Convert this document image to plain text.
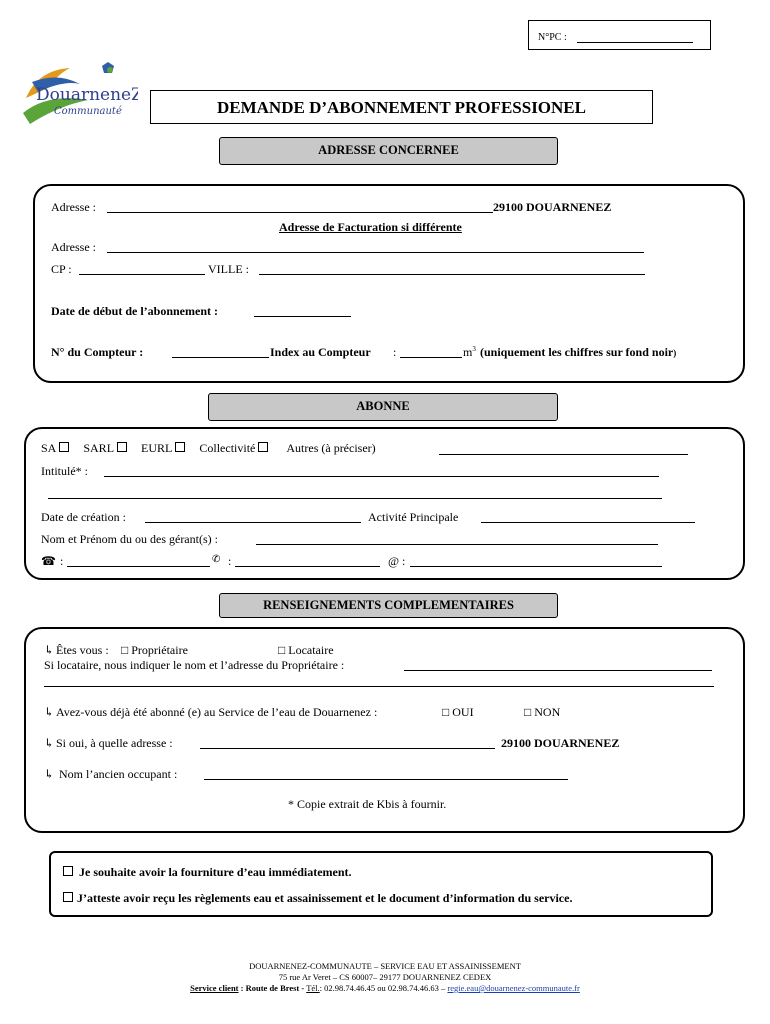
N°PC :
DouarneneZ
Communauté	DEMANDE D’ABONNEMENT PROFESSIONEL
ADRESSE CONCERNEE
Adresse :	29100 DOUARNENEZ
Adresse de Facturation si différente
Adresse :
CP :	VILLE :
Date de début de l’abonnement :
N° du Compteur :	Index au Compteur :	$m^3$ (uniquement les chiffres sur fond noir)
ABONNE
SA SARL EURL Collectivité	Autres (à préciser)
Intitulé* :
Date de création :	Activité Principale
Nom et Prénom du ou des gérant(s) :
☎ :	✆ :	@ :
RENSEIGNEMENTS COMPLEMENTAIRES
↳ Êtes vous : □ Propriétaire	□ Locataire
Si locataire, nous indiquer le nom et l’adresse du Propriétaire :
↳ Avez-vous déjà été abonné (e) au Service de l’eau de Douarnenez :	□ OUI	□ NON
↳ Si oui, à quelle adresse :	29100 DOUARNENEZ
↳ Nom l’ancien occupant :
* Copie extrait de Kbis à fournir.
Je souhaite avoir la fourniture d’eau immédiatement.
J’atteste avoir reçu les règlements eau et assainissement et le document d’information du service.
DOUARNENEZ-COMMUNAUTE – SERVICE EAU ET ASSAINISSEMENT
75 rue Ar Veret – CS 60007– 29177 DOUARNENEZ CEDEX
Service client : Route de Brest - Tél.: 02.98.74.46.45 ou 02.98.74.46.63 – regie.eau@douarnenez-communaute.fr
